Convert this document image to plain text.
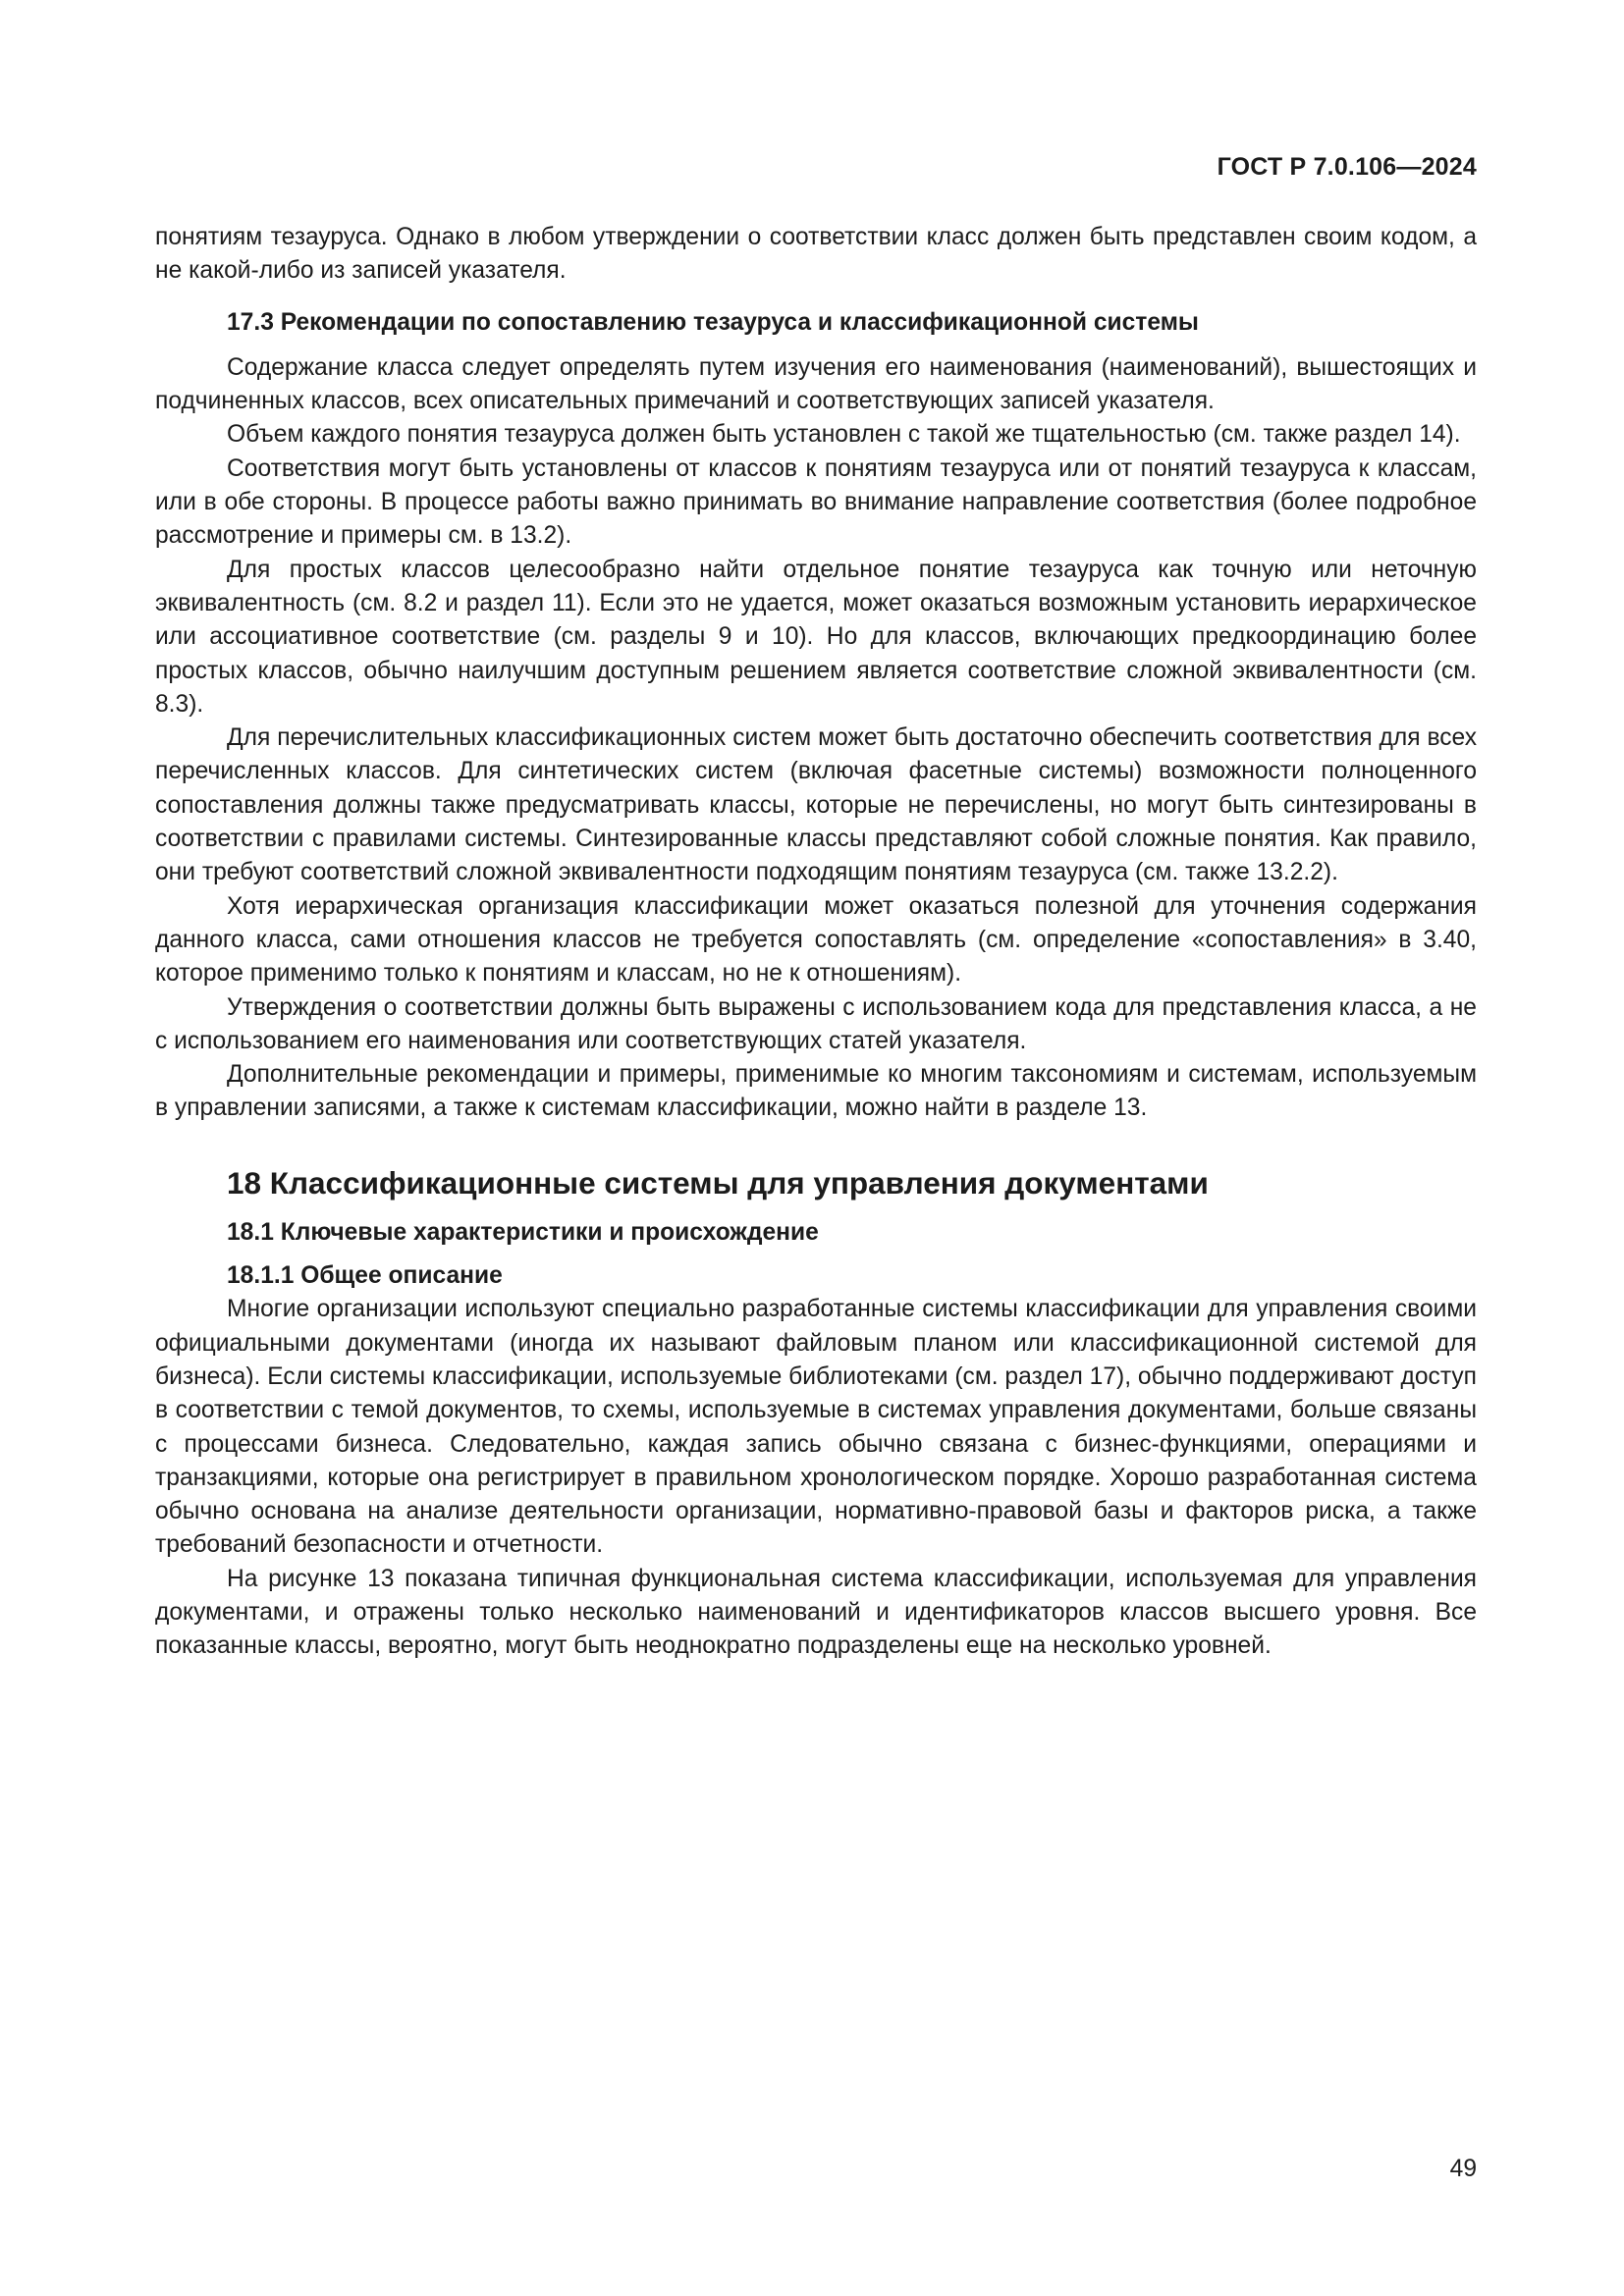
ГОСТ Р 7.0.106—2024

понятиям тезауруса. Однако в любом утверждении о соответствии класс должен быть представлен своим кодом, а не какой-либо из записей указателя.

17.3 Рекомендации по сопоставлению тезауруса и классификационной системы

Содержание класса следует определять путем изучения его наименования (наименований), вышестоящих и подчиненных классов, всех описательных примечаний и соответствующих записей указателя.

Объем каждого понятия тезауруса должен быть установлен с такой же тщательностью (см. также раздел 14).

Соответствия могут быть установлены от классов к понятиям тезауруса или от понятий тезауруса к классам, или в обе стороны. В процессе работы важно принимать во внимание направление соответствия (более подробное рассмотрение и примеры см. в 13.2).

Для простых классов целесообразно найти отдельное понятие тезауруса как точную или неточную эквивалентность (см. 8.2 и раздел 11). Если это не удается, может оказаться возможным установить иерархическое или ассоциативное соответствие (см. разделы 9 и 10). Но для классов, включающих предкоординацию более простых классов, обычно наилучшим доступным решением является соответствие сложной эквивалентности (см. 8.3).

Для перечислительных классификационных систем может быть достаточно обеспечить соответствия для всех перечисленных классов. Для синтетических систем (включая фасетные системы) возможности полноценного сопоставления должны также предусматривать классы, которые не перечислены, но могут быть синтезированы в соответствии с правилами системы. Синтезированные классы представляют собой сложные понятия. Как правило, они требуют соответствий сложной эквивалентности подходящим понятиям тезауруса (см. также 13.2.2).

Хотя иерархическая организация классификации может оказаться полезной для уточнения содержания данного класса, сами отношения классов не требуется сопоставлять (см. определение «сопоставления» в 3.40, которое применимо только к понятиям и классам, но не к отношениям).

Утверждения о соответствии должны быть выражены с использованием кода для представления класса, а не с использованием его наименования или соответствующих статей указателя.

Дополнительные рекомендации и примеры, применимые ко многим таксономиям и системам, используемым в управлении записями, а также к системам классификации, можно найти в разделе 13.

18 Классификационные системы для управления документами

18.1 Ключевые характеристики и происхождение

18.1.1 Общее описание

Многие организации используют специально разработанные системы классификации для управления своими официальными документами (иногда их называют файловым планом или классификационной системой для бизнеса). Если системы классификации, используемые библиотеками (см. раздел 17), обычно поддерживают доступ в соответствии с темой документов, то схемы, используемые в системах управления документами, больше связаны с процессами бизнеса. Следовательно, каждая запись обычно связана с бизнес-функциями, операциями и транзакциями, которые она регистрирует в правильном хронологическом порядке. Хорошо разработанная система обычно основана на анализе деятельности организации, нормативно-правовой базы и факторов риска, а также требований безопасности и отчетности.

На рисунке 13 показана типичная функциональная система классификации, используемая для управления документами, и отражены только несколько наименований и идентификаторов классов высшего уровня. Все показанные классы, вероятно, могут быть неоднократно подразделены еще на несколько уровней.

49
